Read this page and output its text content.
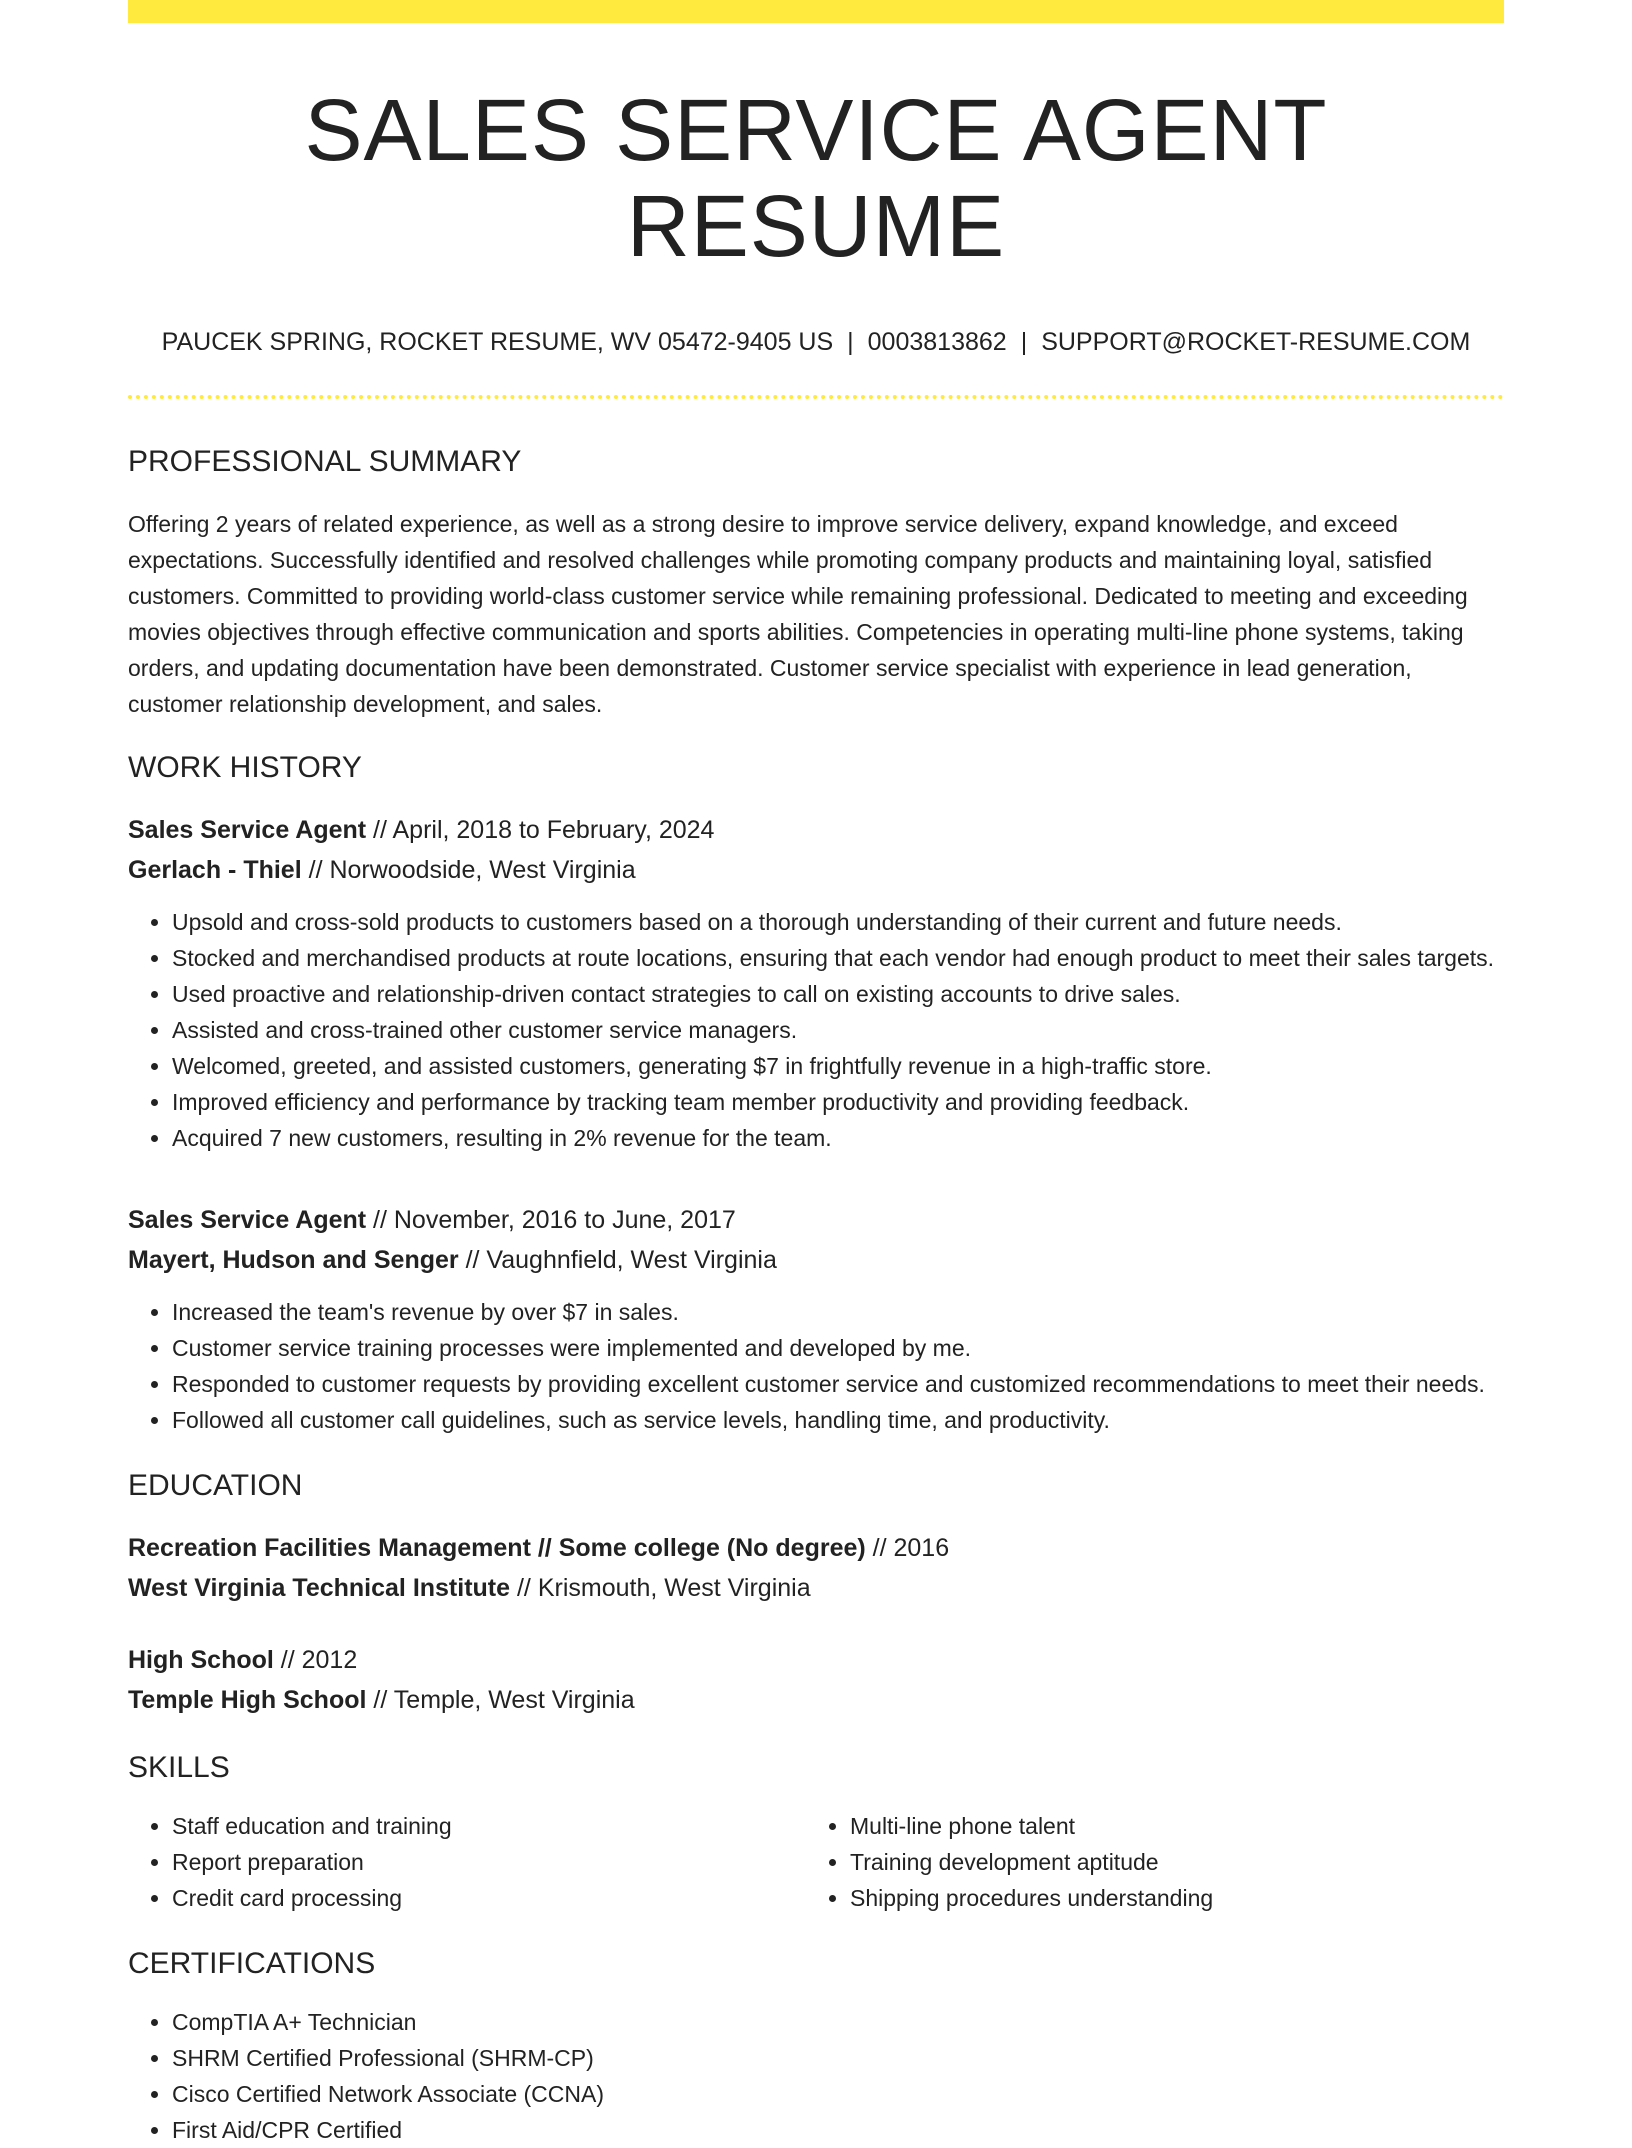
SALES SERVICE AGENT RESUME
PAUCEK SPRING, ROCKET RESUME, WV 05472-9405 US | 0003813862 | SUPPORT@ROCKET-RESUME.COM
PROFESSIONAL SUMMARY

Offering 2 years of related experience, as well as a strong desire to improve service delivery, expand knowledge, and exceed expectations. Successfully identified and resolved challenges while promoting company products and maintaining loyal, satisfied customers. Committed to providing world-class customer service while remaining professional. Dedicated to meeting and exceeding movies objectives through effective communication and sports abilities. Competencies in operating multi-line phone systems, taking orders, and updating documentation have been demonstrated. Customer service specialist with experience in lead generation, customer relationship development, and sales.

WORK HISTORY
Sales Service Agent // April, 2018 to February, 2024
Gerlach - Thiel // Norwoodside, West Virginia
• Upsold and cross-sold products to customers based on a thorough understanding of their current and future needs.
• Stocked and merchandised products at route locations, ensuring that each vendor had enough product to meet their sales targets.
• Used proactive and relationship-driven contact strategies to call on existing accounts to drive sales.
• Assisted and cross-trained other customer service managers.
• Welcomed, greeted, and assisted customers, generating $7 in frightfully revenue in a high-traffic store.
• Improved efficiency and performance by tracking team member productivity and providing feedback.
• Acquired 7 new customers, resulting in 2% revenue for the team.
Sales Service Agent // November, 2016 to June, 2017
Mayert, Hudson and Senger // Vaughnfield, West Virginia
• Increased the team's revenue by over $7 in sales.
• Customer service training processes were implemented and developed by me.
• Responded to customer requests by providing excellent customer service and customized recommendations to meet their needs.
• Followed all customer call guidelines, such as service levels, handling time, and productivity.
EDUCATION
Recreation Facilities Management // Some college (No degree) // 2016
West Virginia Technical Institute // Krismouth, West Virginia
High School // 2012
Temple High School // Temple, West Virginia
SKILLS
• Staff education and training
• Report preparation
• Credit card processing
• Multi-line phone talent
• Training development aptitude
• Shipping procedures understanding
CERTIFICATIONS
• CompTIA A+ Technician
• SHRM Certified Professional (SHRM-CP)
• Cisco Certified Network Associate (CCNA)
• First Aid/CPR Certified
